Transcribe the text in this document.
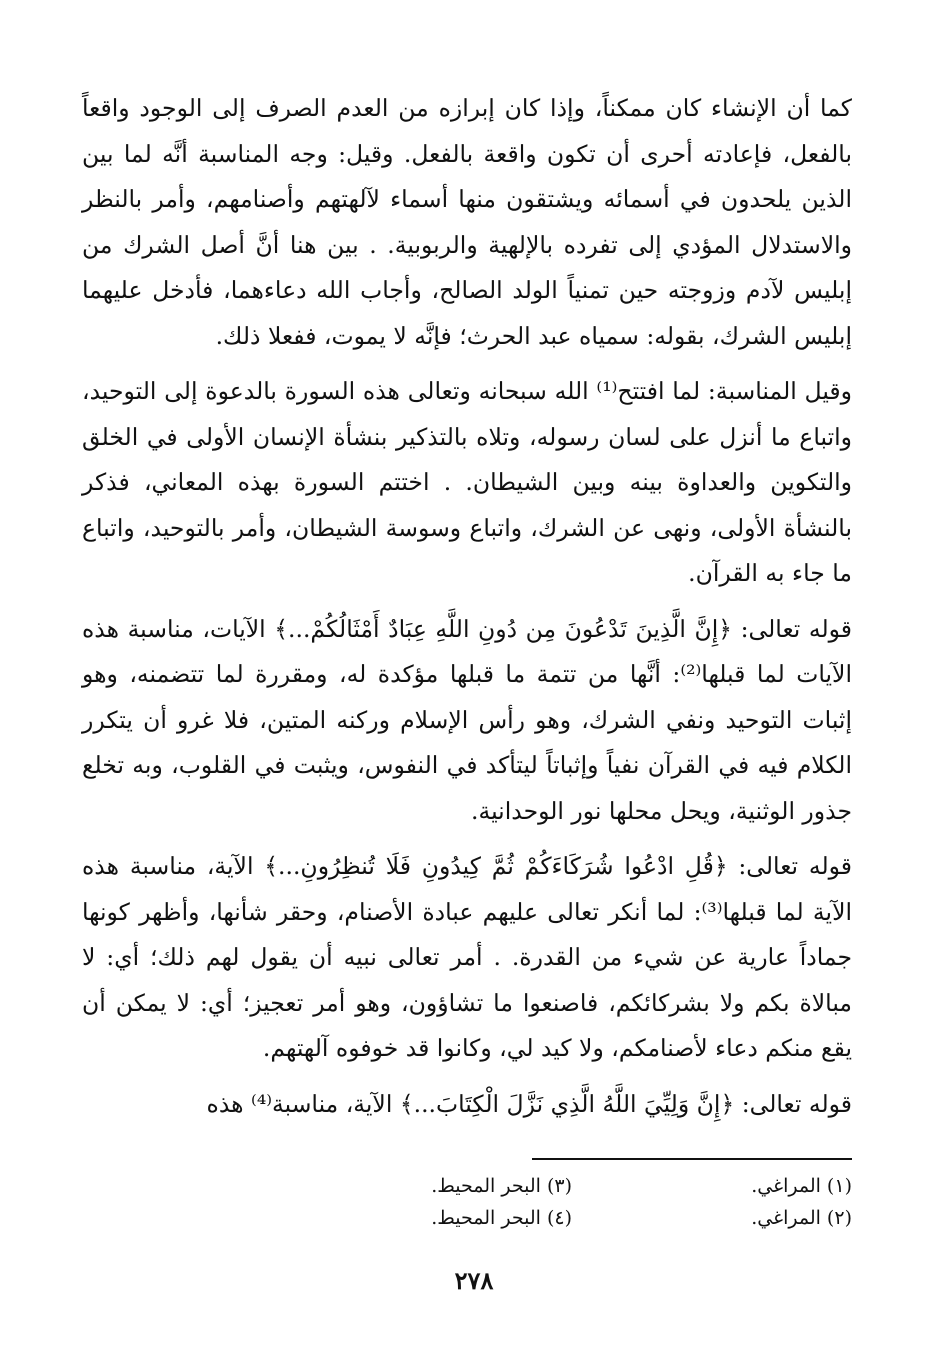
كما أن الإنشاء كان ممكناً، وإذا كان إبرازه من العدم الصرف إلى الوجود واقعاً بالفعل، فإعادته أحرى أن تكون واقعة بالفعل. وقيل: وجه المناسبة أنَّه لما بين الذين يلحدون في أسمائه ويشتقون منها أسماء لآلهتهم وأصنامهم، وأمر بالنظر والاستدلال المؤدي إلى تفرده بالإلهية والربوبية. . بين هنا أنَّ أصل الشرك من إبليس لآدم وزوجته حين تمنياً الولد الصالح، وأجاب الله دعاءهما، فأدخل عليهما إبليس الشرك، بقوله: سمياه عبد الحرث؛ فإنَّه لا يموت، ففعلا ذلك.

وقيل المناسبة: لما افتتح⁽¹⁾ الله سبحانه وتعالى هذه السورة بالدعوة إلى التوحيد، واتباع ما أنزل على لسان رسوله، وتلاه بالتذكير بنشأة الإنسان الأولى في الخلق والتكوين والعداوة بينه وبين الشيطان. . اختتم السورة بهذه المعاني، فذكر بالنشأة الأولى، ونهى عن الشرك، واتباع وسوسة الشيطان، وأمر بالتوحيد، واتباع ما جاء به القرآن.

قوله تعالى: ﴿إِنَّ الَّذِينَ تَدْعُونَ مِن دُونِ اللَّهِ عِبَادٌ أَمْثَالُكُمْ...﴾ الآيات، مناسبة هذه الآيات لما قبلها⁽²⁾: أنَّها من تتمة ما قبلها مؤكدة له، ومقررة لما تتضمنه، وهو إثبات التوحيد ونفي الشرك، وهو رأس الإسلام وركنه المتين، فلا غرو أن يتكرر الكلام فيه في القرآن نفياً وإثباتاً ليتأكد في النفوس، ويثبت في القلوب، وبه تخلع جذور الوثنية، ويحل محلها نور الوحدانية.

قوله تعالى: ﴿قُلِ ادْعُوا شُرَكَاءَكُمْ ثُمَّ كِيدُونِ فَلَا تُنظِرُونِ...﴾ الآية، مناسبة هذه الآية لما قبلها⁽³⁾: لما أنكر تعالى عليهم عبادة الأصنام، وحقر شأنها، وأظهر كونها جماداً عارية عن شيء من القدرة. . أمر تعالى نبيه أن يقول لهم ذلك؛ أي: لا مبالاة بكم ولا بشركائكم، فاصنعوا ما تشاؤون، وهو أمر تعجيز؛ أي: لا يمكن أن يقع منكم دعاء لأصنامكم، ولا كيد لي، وكانوا قد خوفوه آلهتهم.

قوله تعالى: ﴿إِنَّ وَلِيِّيَ اللَّهُ الَّذِي نَزَّلَ الْكِتَابَ...﴾ الآية، مناسبة⁽⁴⁾ هذه

(١) المراغي.
(٣) البحر المحيط.
(٢) المراغي.
(٤) البحر المحيط.
٢٧٨
